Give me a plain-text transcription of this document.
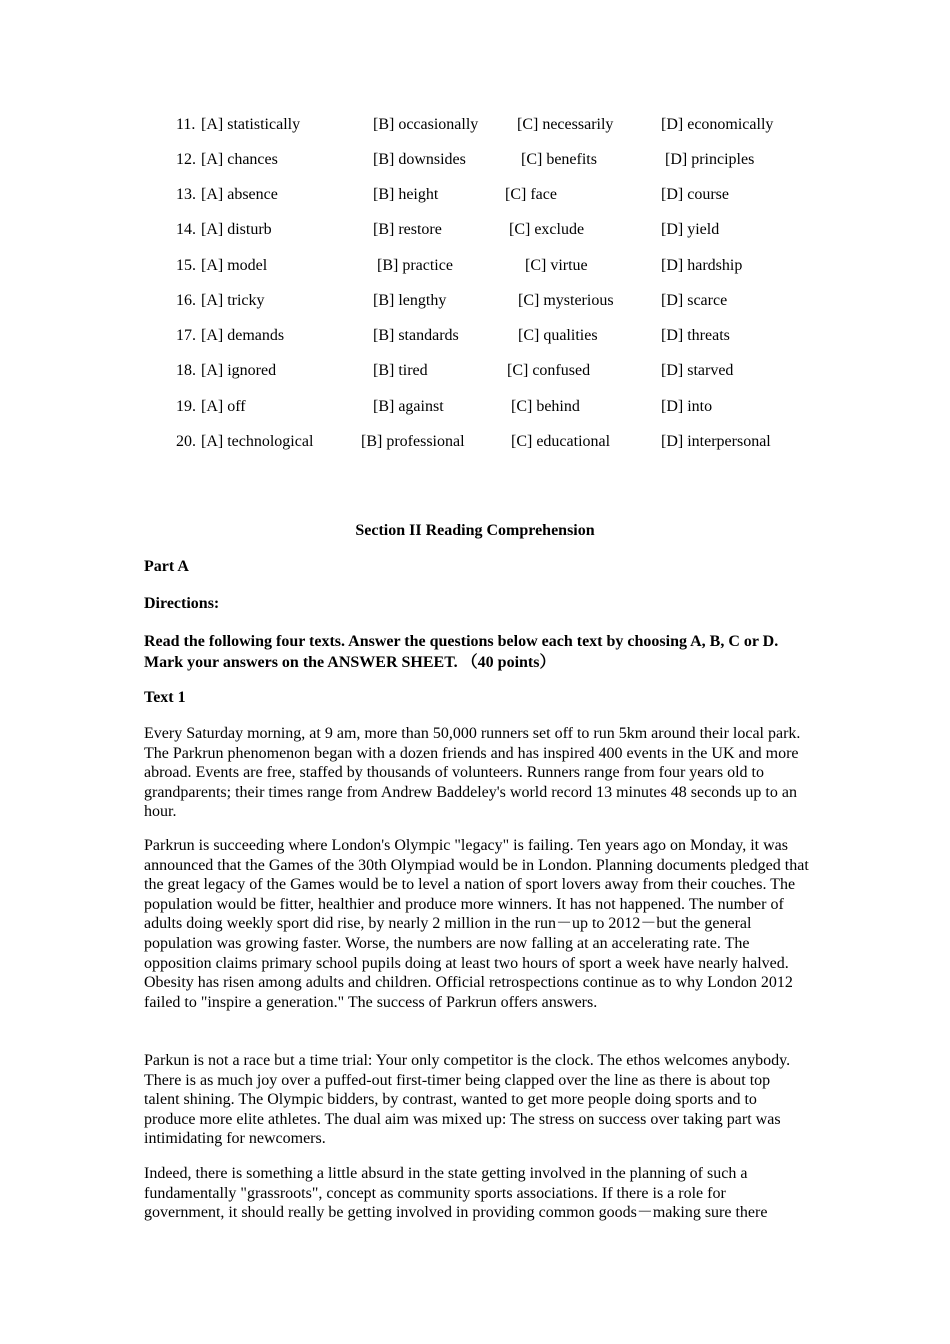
11. [A] statistically	[B] occasionally [C] necessarily	[D] economically
12. [A] chances	[B] downsides	[C] benefits	[D] principles
13. [A] absence	[B] height	[C] face	[D] course
14. [A] disturb	[B] restore	[C] exclude	[D] yield
15. [A] model	[B] practice	[C] virtue	[D] hardship
16. [A] tricky	[B] lengthy	[C] mysterious	[D] scarce
17. [A] demands	[B] standards	[C] qualities	[D] threats
18. [A] ignored	[B] tired	[C] confused	[D] starved
19. [A] off	[B] against	[C] behind	[D] into
20. [A] technological	[B] professional	[C] educational	[D] interpersonal
Section II Reading Comprehension
Part A
Directions:

Read the following four texts. Answer the questions below each text by choosing A, B, C or D. Mark your answers on the ANSWER SHEET. （40 points）

Text 1

Every Saturday morning, at 9 am, more than 50,000 runners set off to run 5km around their local park. The Parkrun phenomenon began with a dozen friends and has inspired 400 events in the UK and more abroad. Events are free, staffed by thousands of volunteers. Runners range from four years old to grandparents; their times range from Andrew Baddeley's world record 13 minutes 48 seconds up to an hour.

Parkrun is succeeding where London's Olympic "legacy" is failing. Ten years ago on Monday, it was announced that the Games of the 30th Olympiad would be in London. Planning documents pledged that the great legacy of the Games would be to level a nation of sport lovers away from their couches. The population would be fitter, healthier and produce more winners. It has not happened. The number of adults doing weekly sport did rise, by nearly 2 million in the run－up to 2012－but the general population was growing faster. Worse, the numbers are now falling at an accelerating rate. The opposition claims primary school pupils doing at least two hours of sport a week have nearly halved. Obesity has risen among adults and children. Official retrospections continue as to why London 2012 failed to "inspire a generation." The success of Parkrun offers answers.

Parkun is not a race but a time trial: Your only competitor is the clock. The ethos welcomes anybody. There is as much joy over a puffed-out first-timer being clapped over the line as there is about top talent shining. The Olympic bidders, by contrast, wanted to get more people doing sports and to produce more elite athletes. The dual aim was mixed up: The stress on success over taking part was intimidating for newcomers.

Indeed, there is something a little absurd in the state getting involved in the planning of such a fundamentally "grassroots", concept as community sports associations. If there is a role for government, it should really be getting involved in providing common goods－making sure there
